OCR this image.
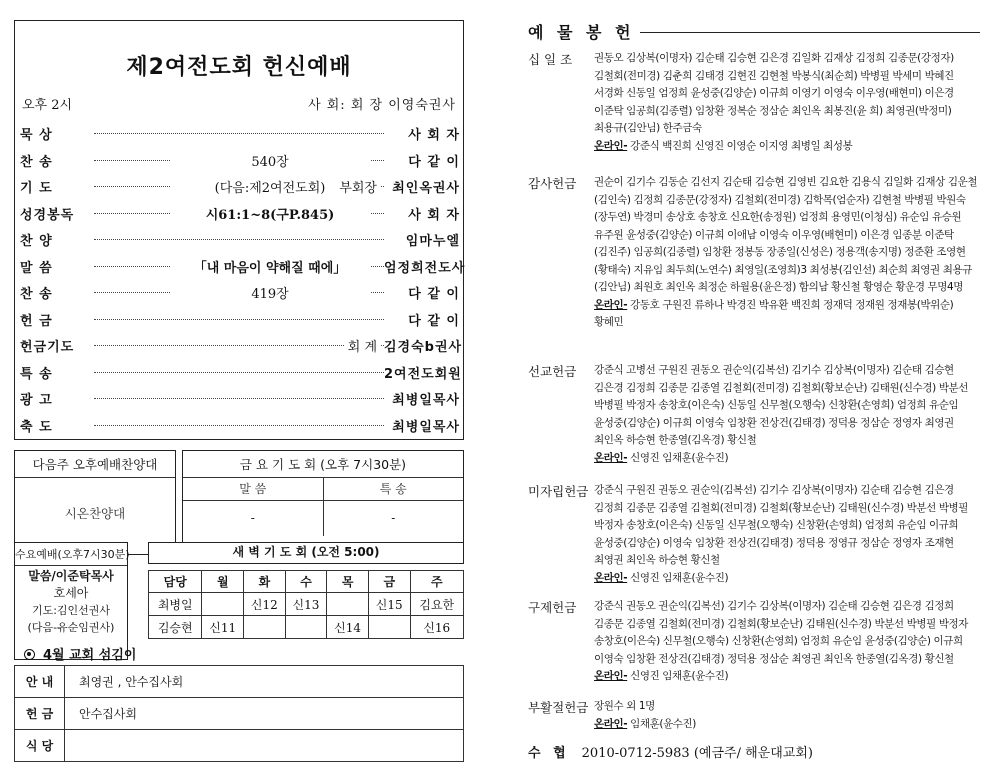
제2여전도회 헌신예배
오후 2시	사 회: 회 장 이영숙권사
묵 상	사 회 자
찬 송	540장	다 같 이
기 도	(다음:제2여전도회)	부회장	최인옥권사
성경봉독	시61:1~8(구P.845)	사 회 자
찬 양	임마누엘
말 씀	「내 마음이 약해질 때에」	엄정희전도사
찬 송	419장	다 같 이
헌 금	다 같 이
헌금기도	회 계 김경숙b권사
특 송	2여전도회원
광 고	최병일목사
축 도	최병일목사
다음주 오후예배찬양대
시온찬양대
금 요 기 도 회 (오후 7시30분)
말 씀	특 송
-	-
수요예배(오후7시30분)
말씀/이준탁목사
호세아
기도:김인선권사
(다음-유순임권사)
새 벽 기 도 회 (오전 5:00)
담당	월	화	수	목	금	주
최병일		신12	신13		신15	김요한
김승현	신11			신14		신16
4월 교회 섬김이
안 내	최영권 , 안수집사회
헌 금	안수집사회
식 당	
예 물 봉 헌
십 일 조	권동오 김상복(이명자) 김순태 김승현 김은경 김일화 김재상 김정희 김종문(강정자) 김철회(전미경) 김춘희 김태경 김현진 김현철 박봉식(최순희) 박병필 박세미 박혜진 서경화 신동일 엄정희 윤성중(김양순) 이규희 이영기 이영숙 이우영(배현미) 이은경 이준탁 임공희(김종렬) 임창환 정복순 정삼순 최인옥 최봉진(윤 희) 최영권(박정미) 최용규(김안님) 한주금숙
온라인- 강준식 백진희 신영진 이영순 이지영 최병일 최성봉
감사헌금	권순이 김기수 김동순 김선지 김순태 김승현 김영빈 김요한 김용식 김일화 김재상 김운철(김인숙) 김정희 김종문(강정자) 김철회(전미경) 김학목(엄순자) 김현철 박병필 박원숙(장두연) 박경미 송상호 송창호 신요한(송정원) 엄정희 용영민(이청심) 유순임 유승원 유주원 윤성중(김양순) 이규희 이애남 이영숙 이우영(배현미) 이은경 임종분 이준탁(김진주) 임공희(김종렬) 임창환 정봉동 장종일(신성은) 정용객(송지명) 정준환 조영현(황태숙) 지유임 최두희(노연수) 최영일(조영희)3 최성봉(김인선) 최순희 최영권 최용규(김안님) 최원호 최인옥 최정순 하월용(윤은정) 함의남 황신철 황영순 황운경 무명4명
온라인- 강동호 구원진 류하나 박경진 박유환 백진희 정재덕 정재원 정재봉(박위순) 황혜민
선교헌금	강준식 고병선 구원진 권동오 권순익(김복선) 김기수 김상복(이명자) 김순태 김승현 김은경 김정희 김종문 김종열 김철회(전미경) 김철회(황보순난) 김태원(신수경) 박분선 박병필 박정자 송창호(이은숙) 신동일 신무철(오행숙) 신창환(손영희) 엄정희 유순임 윤성중(김양순) 이규희 이영숙 임창환 전상건(김태경) 정덕용 정삼순 정영자 최영권 최인옥 하승현 한종열(김옥경) 황신철
온라인- 신영진 임채훈(윤수진)
미자립헌금 강준식 구원진 권동오 권순익(김복선) 김기수 김상복(이명자) 김순태 김승현 김은경 김정희 김종문 김종열 김철회(전미경) 김철회(황보순난) 김태원(신수경) 박분선 박병필 박정자 송창호(이은숙) 신동일 신무철(오행숙) 신창환(손영희) 엄정희 유순임 이규희 윤성중(김양순) 이영숙 임창환 전상건(김태경) 정덕용 정영규 정삼순 정영자 조재현 최영권 최인옥 하승현 황신철
온라인- 신영진 임채훈(윤수진)
구제헌금	강준식 권동오 권순익(김복선) 김기수 김상복(이명자) 김순태 김승현 김은경 김정희 김종문 김종열 김철회(전미경) 김철회(황보순난) 김태원(신수경) 박분선 박병필 박정자 송창호(이은숙) 신무철(오행숙) 신창환(손영희) 엄정희 유순임 윤성중(김양순) 이규희 이영숙 임창환 전상건(김태경) 정덕용 정삼순 최영권 최인옥 한종열(김옥경) 황신철
온라인- 신영진 임채훈(윤수진)
부활절헌금 장원수 외 1명
온라인- 임채훈(윤수진)
수 협 2010-0712-5983 (예금주/ 해운대교회)
